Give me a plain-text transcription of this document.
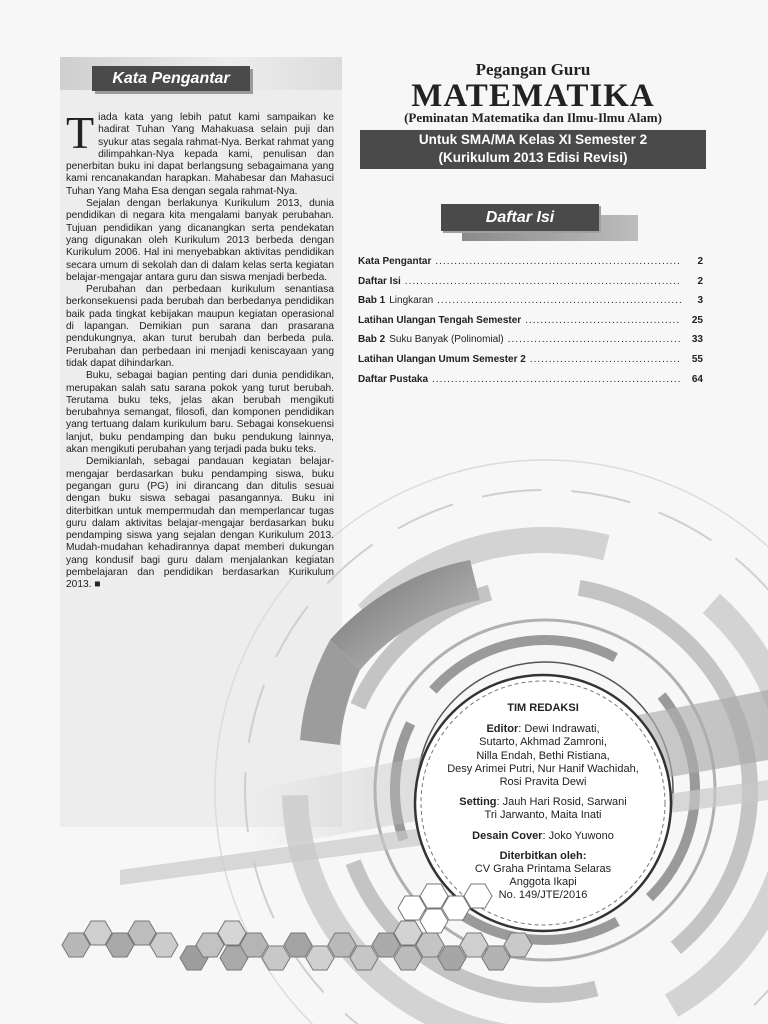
Kata Pengantar

Tiada kata yang lebih patut kami sampaikan ke hadirat Tuhan Yang Mahakuasa selain puji dan syukur atas segala rahmat-Nya. Berkat rahmat yang dilimpahkan-Nya kepada kami, penulisan dan penerbitan buku ini dapat berlangsung sebagaimana yang kami rencanakandan harapkan. Mahabesar dan Mahasuci Tuhan Yang Maha Esa dengan segala rahmat-Nya.

Sejalan dengan berlakunya Kurikulum 2013, dunia pendidikan di negara kita mengalami banyak perubahan. Tujuan pendidikan yang dicanangkan serta pendekatan yang digunakan oleh Kurikulum 2013 berbeda dengan Kurikulum 2006. Hal ini menyebabkan aktivitas pendidikan secara umum di sekolah dan di dalam kelas serta kegiatan belajar-mengajar antara guru dan siswa menjadi berbeda.

Perubahan dan perbedaan kurikulum senantiasa berkonsekuensi pada berubah dan berbedanya pendidikan baik pada tingkat kebijakan maupun kegiatan operasional di lapangan. Demikian pun sarana dan prasarana pendukungnya, akan turut berubah dan berbeda pula. Perubahan dan perbedaan ini menjadi keniscayaan yang tidak dapat dihindarkan.

Buku, sebagai bagian penting dari dunia pendidikan, merupakan salah satu sarana pokok yang turut berubah. Terutama buku teks, jelas akan berubah mengikuti berubahnya semangat, filosofi, dan komponen pendidikan yang tertuang dalam kurikulum baru. Sebagai konsekuensi lanjut, buku pendamping dan buku pendukung lainnya, akan mengikuti perubahan yang terjadi pada buku teks.

Demikianlah, sebagai pandauan kegiatan belajar-mengajar berdasarkan buku pendamping siswa, buku pegangan guru (PG) ini dirancang dan ditulis sesuai dengan buku siswa sebagai pasangannya. Buku ini diterbitkan untuk mempermudah dan memperlancar tugas guru dalam aktivitas belajar-mengajar berdasarkan buku pendamping siswa yang sejalan dengan Kurikulum 2013. Mudah-mudahan kehadirannya dapat memberi dukungan yang kondusif bagi guru dalam menjalankan kegiatan pembelajaran dan pendidikan berdasarkan Kurikulum 2013. ■

Pegangan Guru
MATEMATIKA
(Peminatan Matematika dan Ilmu-Ilmu Alam)
Untuk SMA/MA Kelas XI Semester 2
(Kurikulum 2013 Edisi Revisi)
Daftar Isi
Kata Pengantar .....	2
Daftar Isi .....	2
Bab 1 Lingkaran .....	3
Latihan Ulangan Tengah Semester .....	25
Bab 2 Suku Banyak (Polinomial) .....	33
Latihan Ulangan Umum Semester 2 .....	55
Daftar Pustaka .....	64
TIM REDAKSI
Editor: Dewi Indrawati,
Sutarto, Akhmad Zamroni,
Nilla Endah, Bethi Ristiana,
Desy Arimei Putri, Nur Hanif Wachidah,
Rosi Pravita Dewi
Setting: Jauh Hari Rosid, Sarwani
Tri Jarwanto, Maita Inati
Desain Cover: Joko Yuwono
Diterbitkan oleh:
CV Graha Printama Selaras
Anggota Ikapi
No. 149/JTE/2016
